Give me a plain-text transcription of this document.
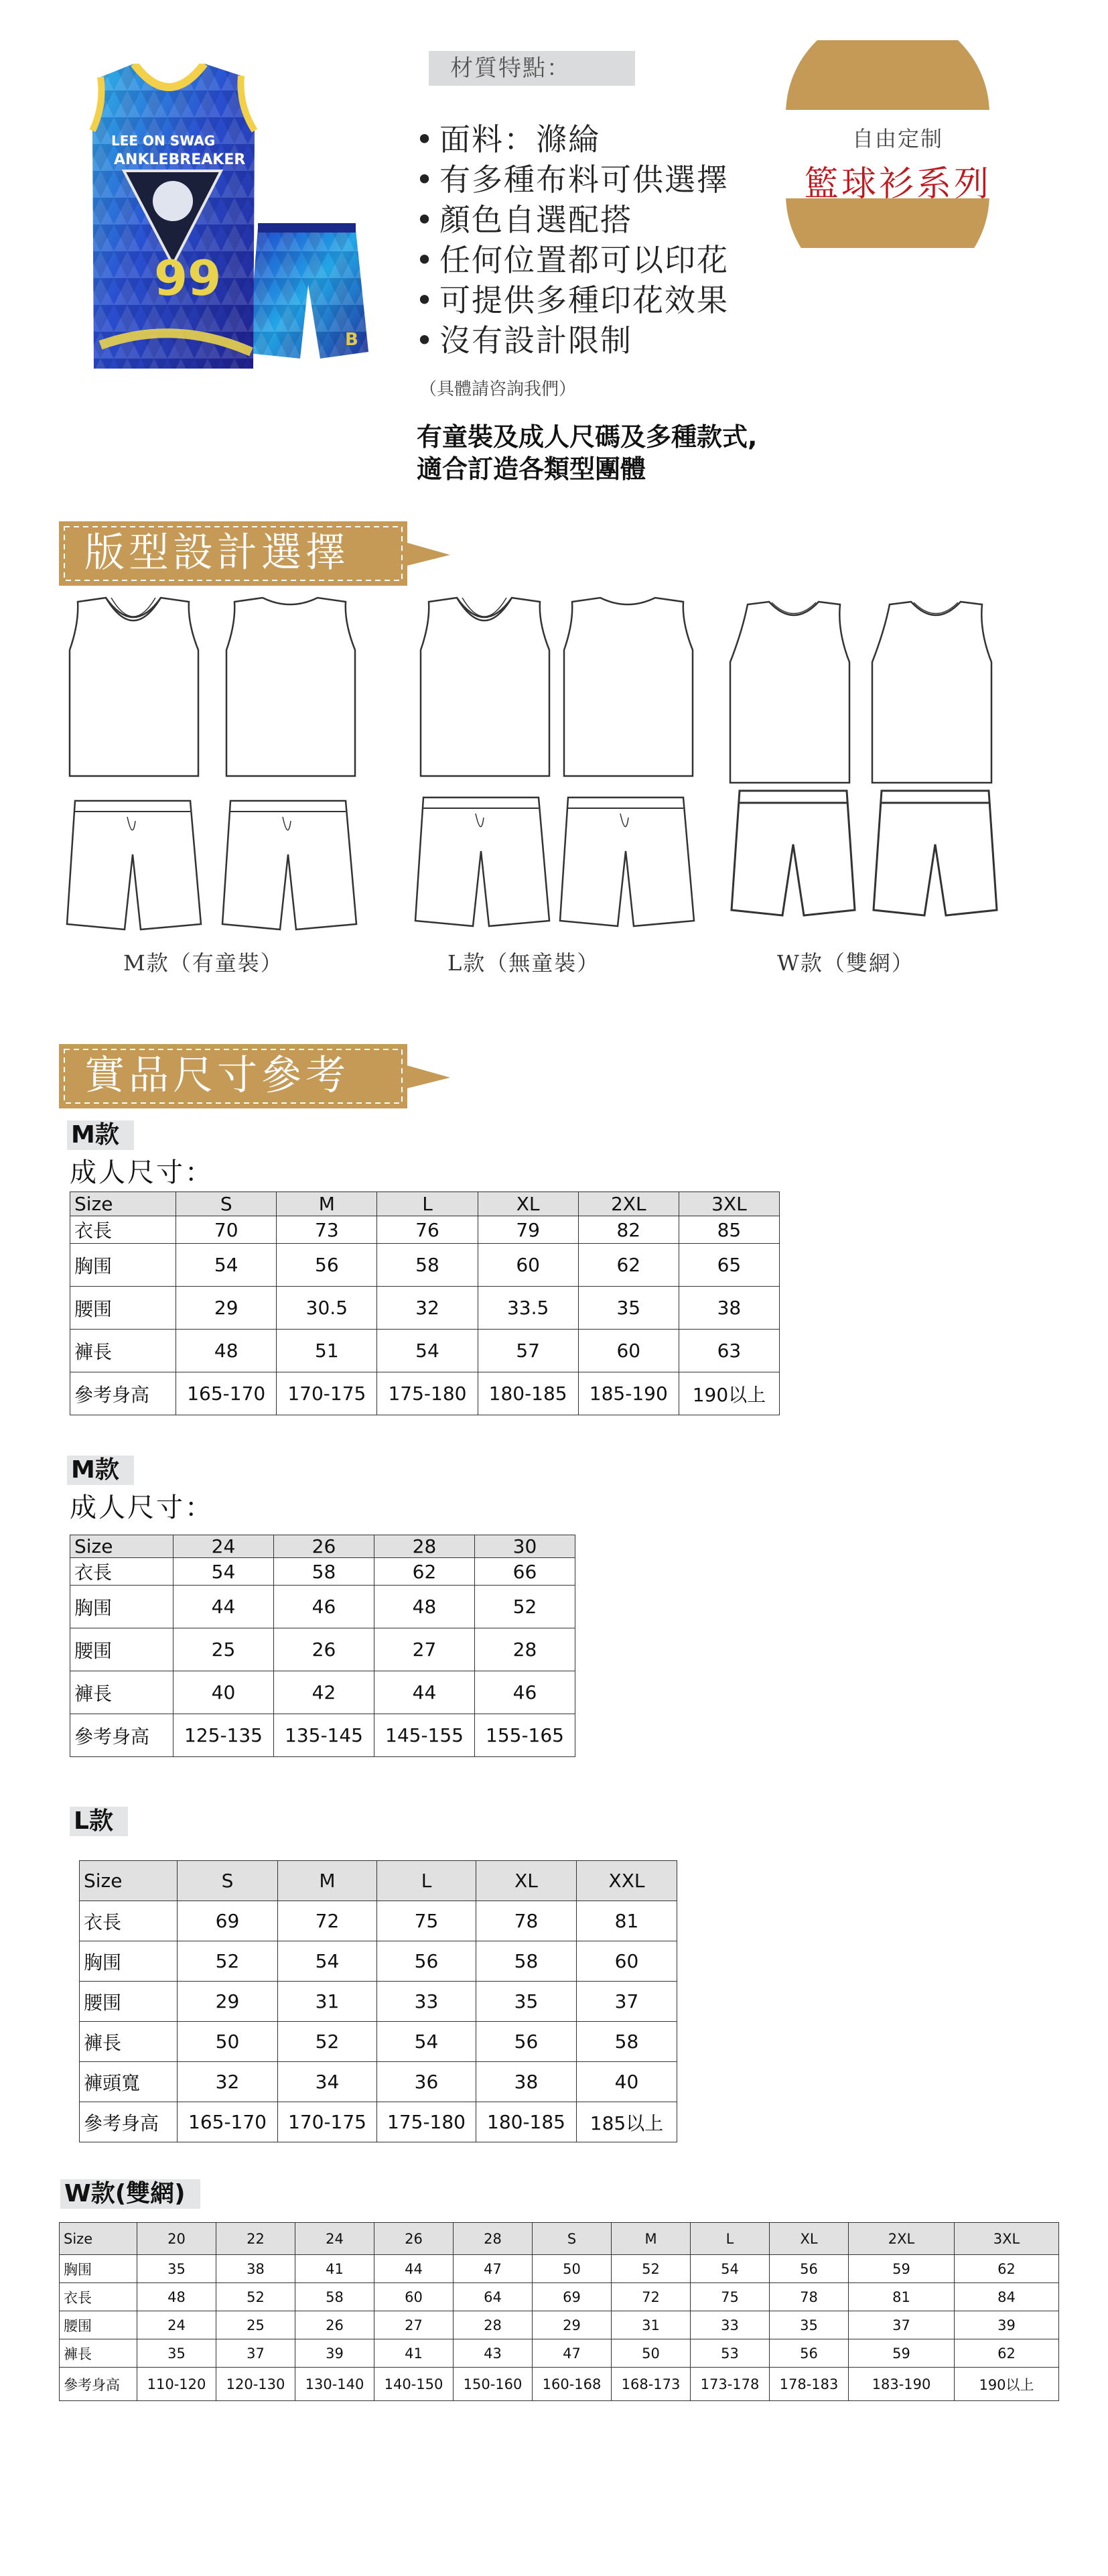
B
LEE ON SWAG
ANKLEBREAKER
99
材質特點：
• 面料：滌綸
• 有多種布料可供選擇
• 顏色自選配搭
• 任何位置都可以印花
• 可提供多種印花效果
• 沒有設計限制
（具體請咨詢我們）
有童裝及成人尺碼及多種款式,
適合訂造各類型團體
自由定制
籃球衫系列
版型設計選擇
M款（有童裝）	L款（無童裝）	W款（雙網）
實品尺寸參考
M款
成人尺寸：
Size	S	M	L	XL	2XL	3XL
衣長	70	73	76	79	82	85
胸围	54	56	58	60	62	65
腰围	29	30.5	32	33.5	35	38
褲長	48	51	54	57	60	63
參考身高	165-170	170-175	175-180	180-185	185-190	190以上
M款
成人尺寸：
Size	24	26	28	30
衣長	54	58	62	66
胸围	44	46	48	52
腰围	25	26	27	28
褲長	40	42	44	46
參考身高	125-135	135-145	145-155	155-165
L款
Size	S	M	L	XL	XXL
衣長	69	72	75	78	81
胸围	52	54	56	58	60
腰围	29	31	33	35	37
褲長	50	52	54	56	58
褲頭寬	32	34	36	38	40
參考身高	165-170	170-175	175-180	180-185	185以上
W款(雙網)
Size	20	22	24	26	28	S	M	L	XL	2XL	3XL
胸围	35	38	41	44	47	50	52	54	56	59	62
衣長	48	52	58	60	64	69	72	75	78	81	84
腰围	24	25	26	27	28	29	31	33	35	37	39
褲長	35	37	39	41	43	47	50	53	56	59	62
參考身高	110-120	120-130	130-140	140-150	150-160	160-168	168-173	173-178	178-183	183-190	190以上
